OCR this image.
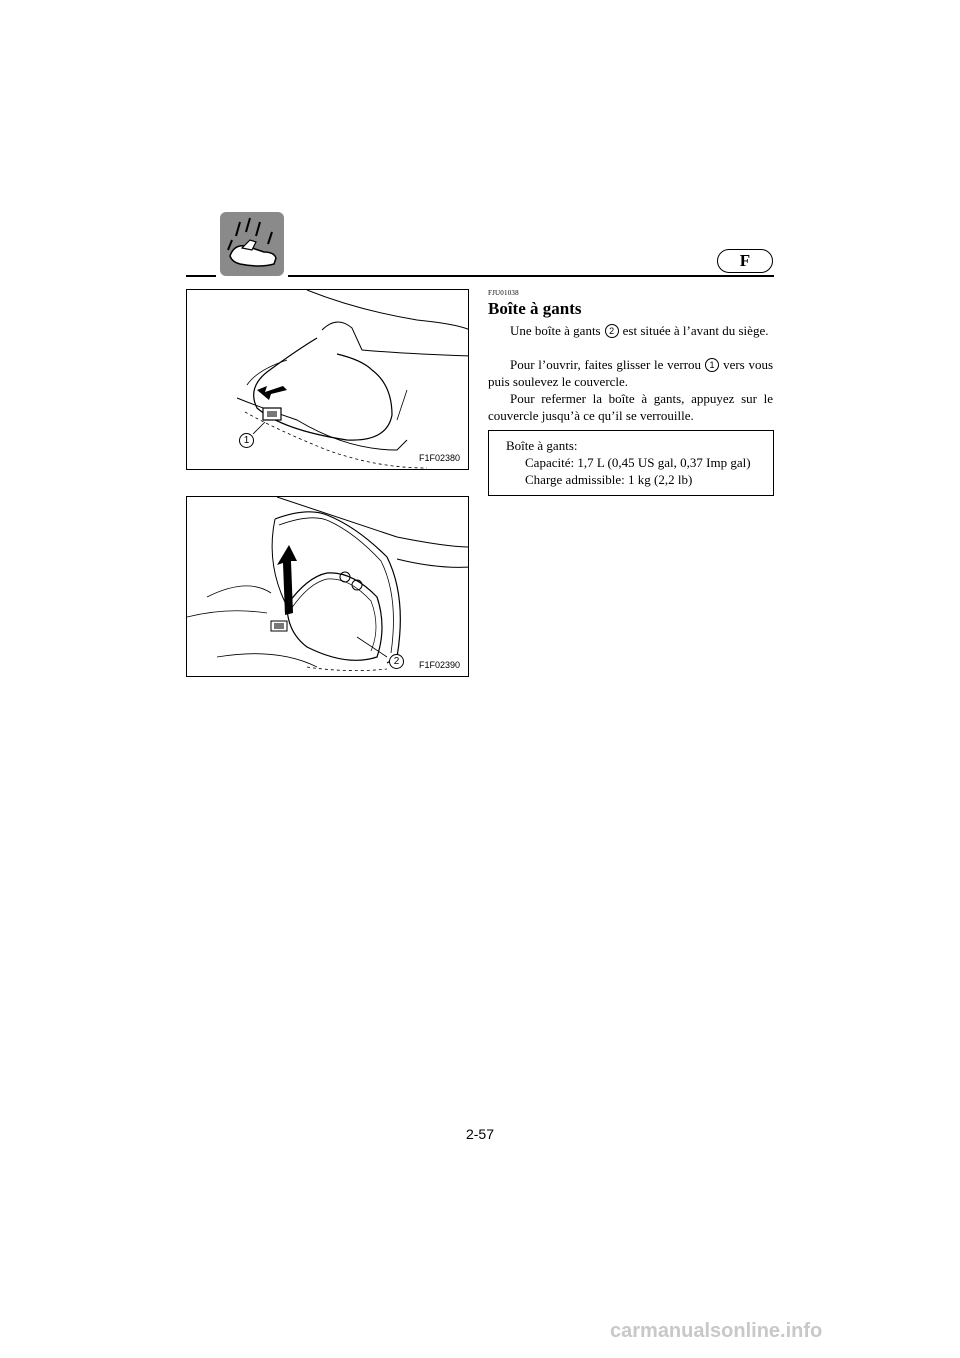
F
1
F1F02380
2	F1F02390
FJU01038
Boîte à gants

Une boîte à gants 2 est située à l’avant du siège.

Pour l’ouvrir, faites glisser le verrou 1 vers vous puis soulevez le couvercle.

Pour refermer la boîte à gants, appuyez sur le couvercle jusqu’à ce qu’il se verrouille.

Boîte à gants:
Capacité: 1,7 L (0,45 US gal, 0,37 Imp gal)
Charge admissible: 1 kg (2,2 lb)
2-57
carmanualsonline.info
